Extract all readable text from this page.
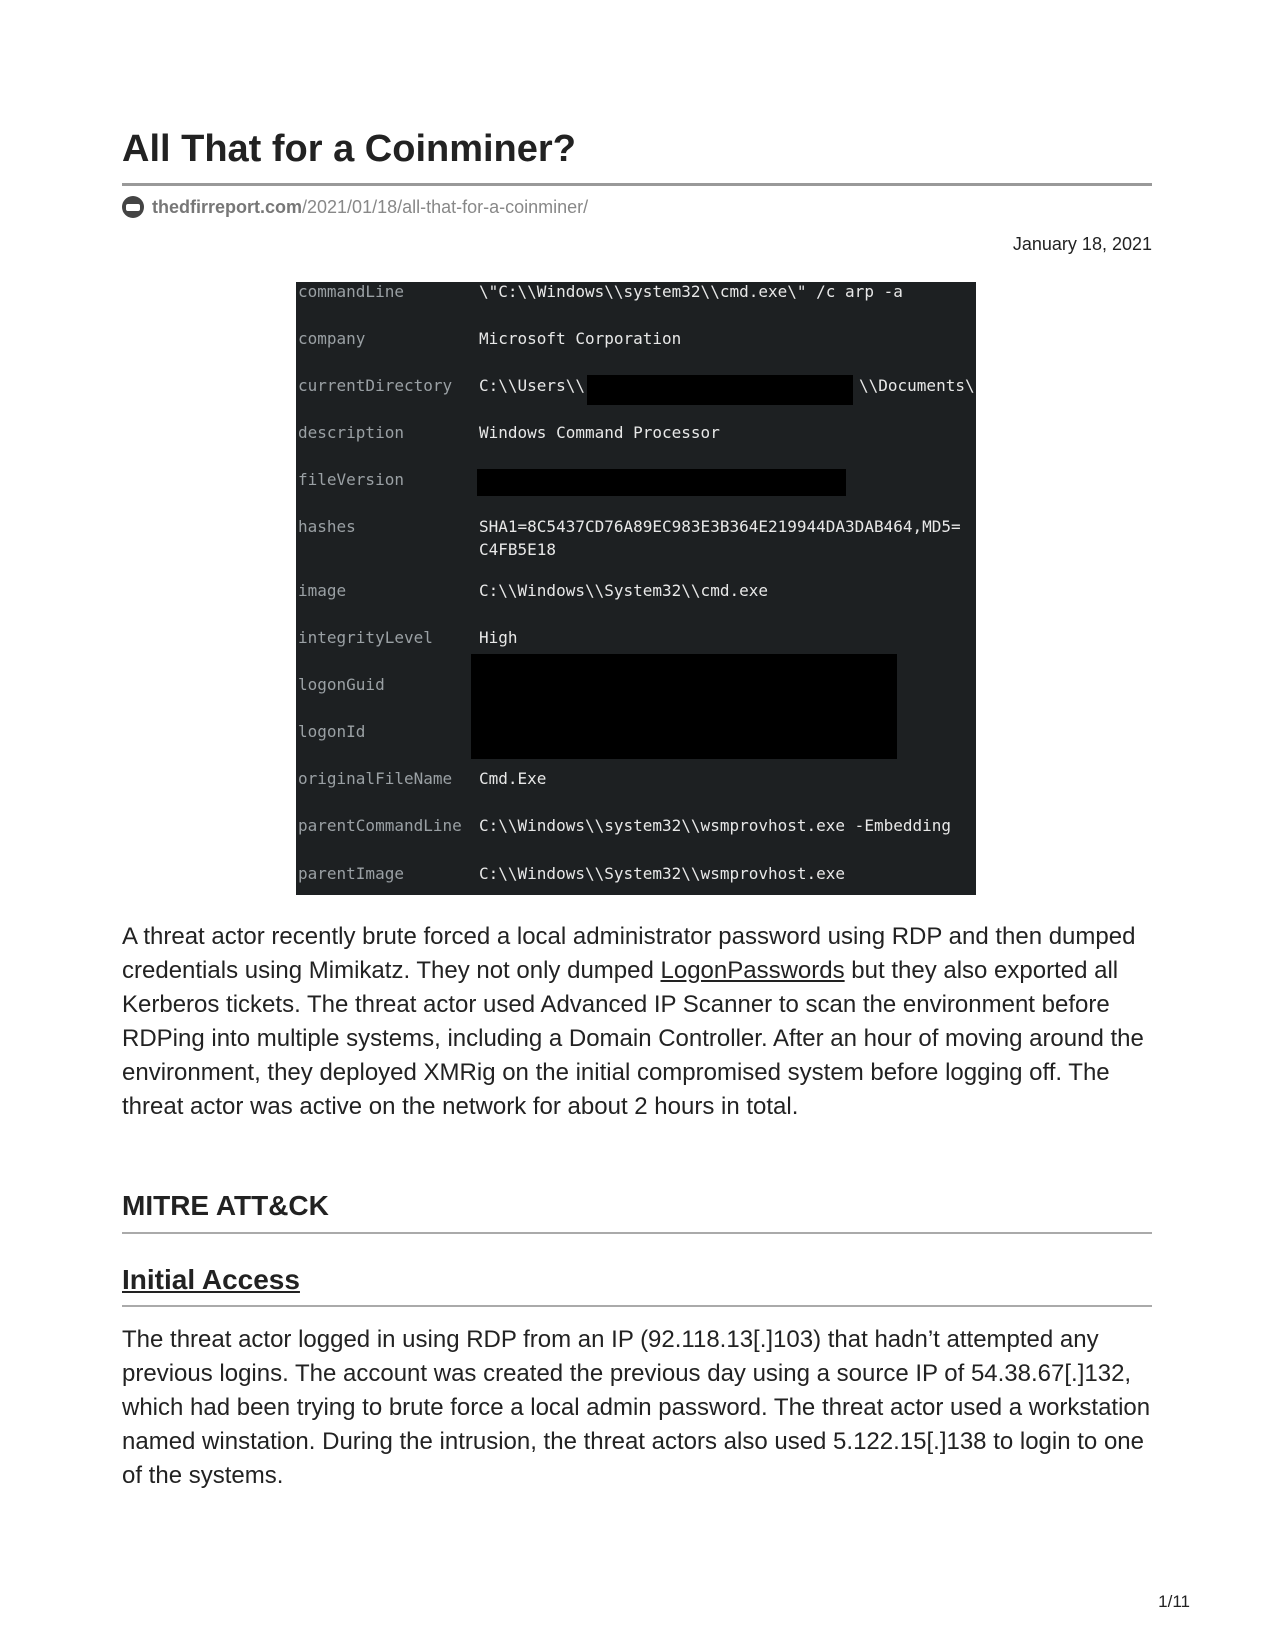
All That for a Coinminer?
thedfirreport.com /2021/01/18/all-that-for-a-coinminer/
January 18, 2021
commandLine	\"C:\\Windows\\system32\\cmd.exe\" /c arp -a
company	Microsoft Corporation
currentDirectory C:\\Users\\	\\Documents\
description	Windows Command Processor
fileVersion
hashes	SHA1=8C5437CD76A89EC983E3B364E219944DA3DAB464,MD5=
C4FB5E18
image	C:\\Windows\\System32\\cmd.exe
integrityLevel	High
logonGuid
logonId
originalFileName Cmd.Exe
parentCommandLine C:\\Windows\\system32\\wsmprovhost.exe -Embedding
parentImage	C:\\Windows\\System32\\wsmprovhost.exe

A threat actor recently brute forced a local administrator password using RDP and then dumped credentials using Mimikatz. They not only dumped LogonPasswords but they also exported all Kerberos tickets. The threat actor used Advanced IP Scanner to scan the environment before RDPing into multiple systems, including a Domain Controller. After an hour of moving around the environment, they deployed XMRig on the initial compromised system before logging off. The threat actor was active on the network for about 2 hours in total.

MITRE ATT&CK
Initial Access

The threat actor logged in using RDP from an IP (92.118.13[.]103) that hadn’t attempted any previous logins. The account was created the previous day using a source IP of 54.38.67[.]132, which had been trying to brute force a local admin password. The threat actor used a workstation named winstation. During the intrusion, the threat actors also used 5.122.15[.]138 to login to one of the systems.

1/11
